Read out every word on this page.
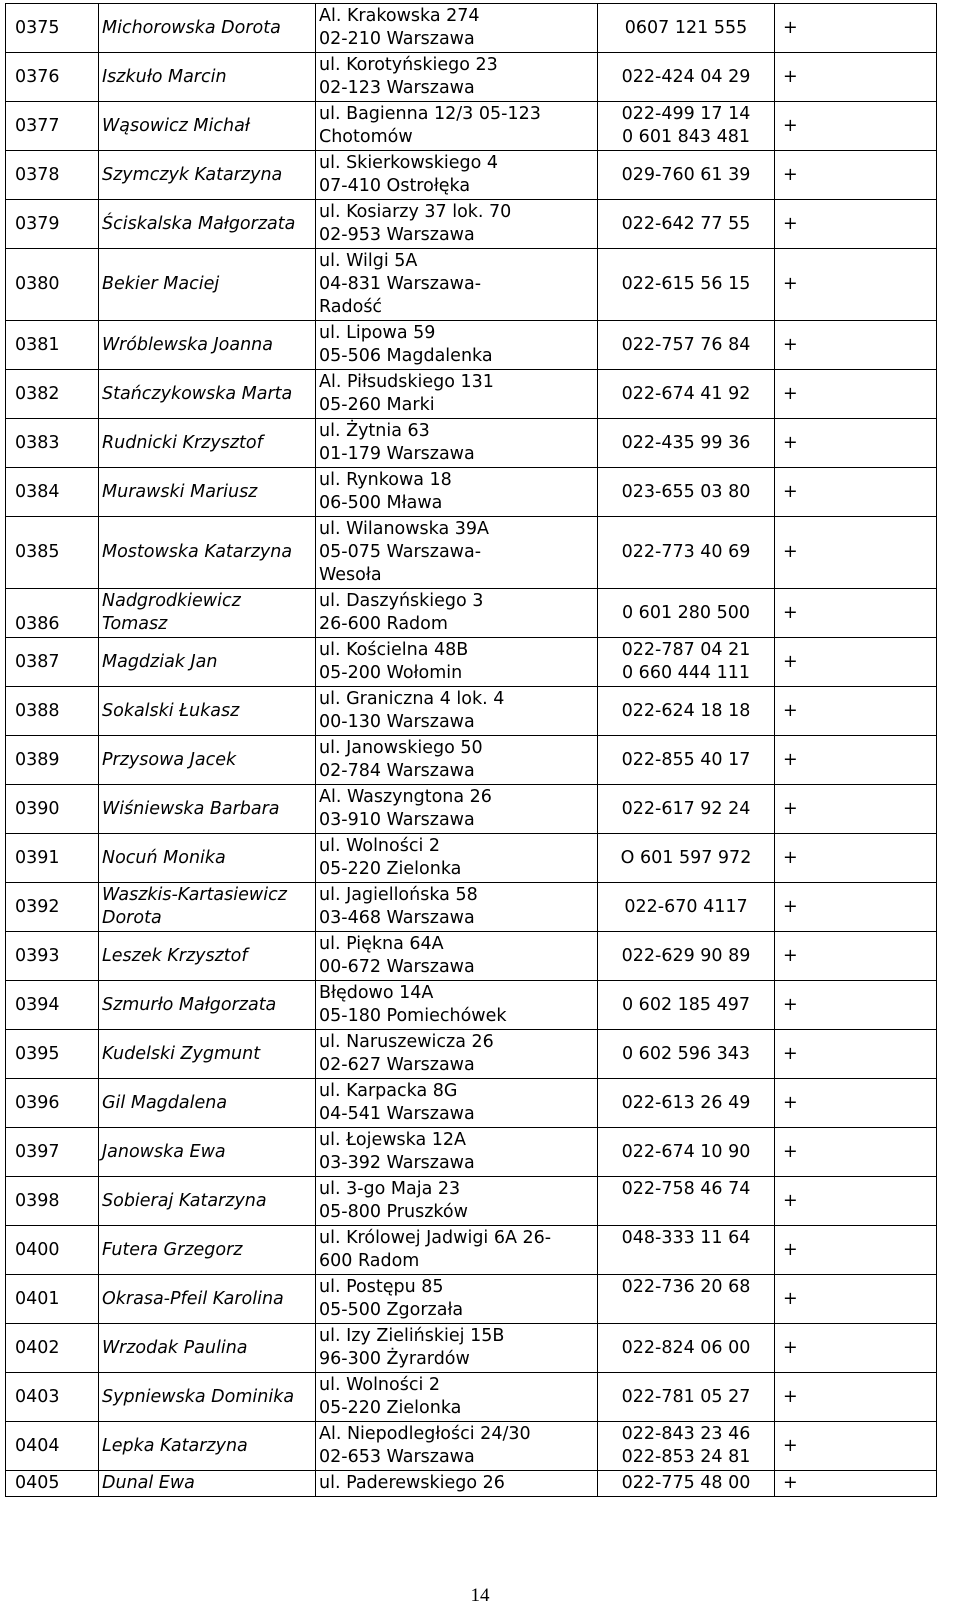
0375	Michorowska Dorota	Al. Krakowska 274
02-210 Warszawa	0607 121 555	+
0376	Iszkuło Marcin	ul. Korotyńskiego 23
02-123 Warszawa	022-424 04 29	+
0377	Wąsowicz Michał	ul. Bagienna 12/3 05-123
Chotomów	022-499 17 14
0 601 843 481	+
0378	Szymczyk Katarzyna	ul. Skierkowskiego 4
07-410 Ostrołęka	029-760 61 39	+
0379	Ściskalska Małgorzata	ul. Kosiarzy 37 lok. 70
02-953 Warszawa	022-642 77 55	+
0380	Bekier Maciej	ul. Wilgi 5A
04-831 Warszawa-
Radość	022-615 56 15	+
0381	Wróblewska Joanna	ul. Lipowa 59
05-506 Magdalenka	022-757 76 84	+
0382	Stańczykowska Marta	Al. Piłsudskiego 131
05-260 Marki	022-674 41 92	+
0383	Rudnicki Krzysztof	ul. Żytnia 63
01-179 Warszawa	022-435 99 36	+
0384	Murawski Mariusz	ul. Rynkowa 18
06-500 Mława	023-655 03 80	+
0385	Mostowska Katarzyna	ul. Wilanowska 39A
05-075 Warszawa-
Wesoła	022-773 40 69	+
0386	Nadgrodkiewicz
Tomasz	ul. Daszyńskiego 3
26-600 Radom	0 601 280 500	+
0387	Magdziak Jan	ul. Kościelna 48B
05-200 Wołomin	022-787 04 21
0 660 444 111	+
0388	Sokalski Łukasz	ul. Graniczna 4 lok. 4
00-130 Warszawa	022-624 18 18	+
0389	Przysowa Jacek	ul. Janowskiego 50
02-784 Warszawa	022-855 40 17	+
0390	Wiśniewska Barbara	Al. Waszyngtona 26
03-910 Warszawa	022-617 92 24	+
0391	Nocuń Monika	ul. Wolności 2
05-220 Zielonka	O 601 597 972	+
0392	Waszkis-Kartasiewicz
Dorota	ul. Jagiellońska 58
03-468 Warszawa	022-670 4117	+
0393	Leszek Krzysztof	ul. Piękna 64A
00-672 Warszawa	022-629 90 89	+
0394	Szmurło Małgorzata	Błędowo 14A
05-180 Pomiechówek	0 602 185 497	+
0395	Kudelski Zygmunt	ul. Naruszewicza 26
02-627 Warszawa	0 602 596 343	+
0396	Gil Magdalena	ul. Karpacka 8G
04-541 Warszawa	022-613 26 49	+
0397	Janowska Ewa	ul. Łojewska 12A
03-392 Warszawa	022-674 10 90	+
0398	Sobieraj Katarzyna	ul. 3-go Maja 23
05-800 Pruszków	022-758 46 74	+
0400	Futera Grzegorz	ul. Królowej Jadwigi 6A 26-
600 Radom	048-333 11 64	+
0401	Okrasa-Pfeil Karolina	ul. Postępu 85
05-500 Zgorzała	022-736 20 68	+
0402	Wrzodak Paulina	ul. Izy Zielińskiej 15B
96-300 Żyrardów	022-824 06 00	+
0403	Sypniewska Dominika	ul. Wolności 2
05-220 Zielonka	022-781 05 27	+
0404	Lepka Katarzyna	Al. Niepodległości 24/30
02-653 Warszawa	022-843 23 46
022-853 24 81	+
0405	Dunal Ewa	ul. Paderewskiego 26	022-775 48 00	+
14
